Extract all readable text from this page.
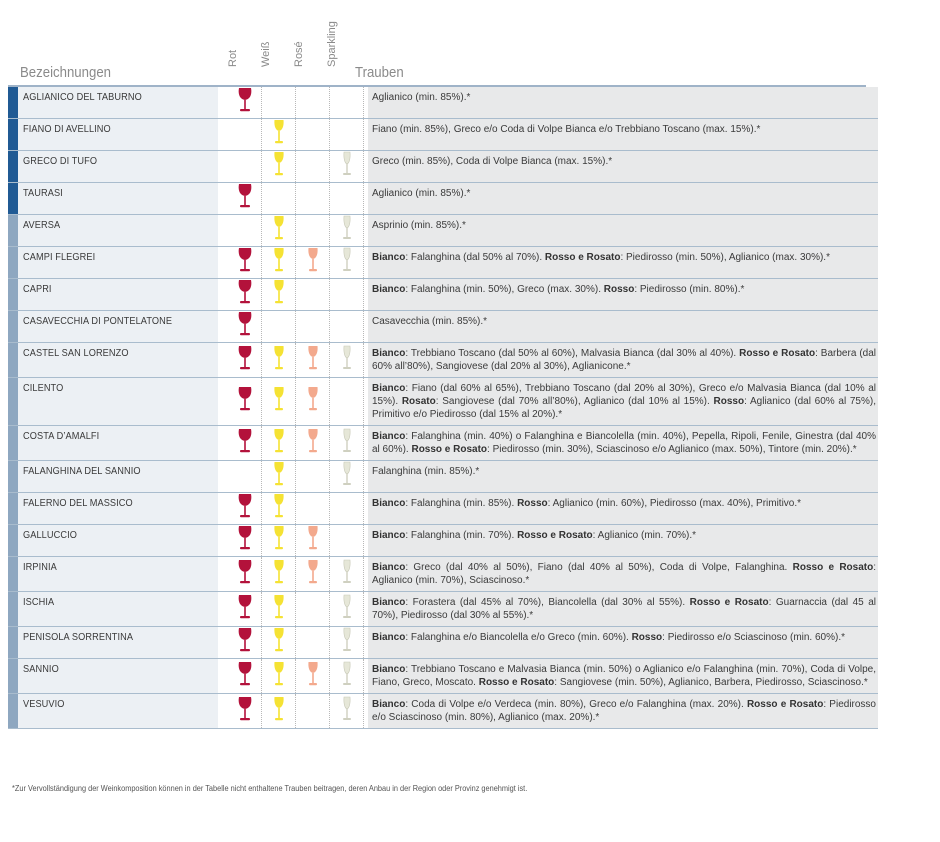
Bezeichnungen
Rot Weiß Rosé Sparkling
Trauben
	AGLIANICO DEL TABURNO							Aglianico (min. 85%).*
	FIANO DI AVELLINO							Fiano (min. 85%), Greco e/o Coda di Volpe Bianca e/o Trebbiano Toscano (max. 15%).*
	GRECO DI TUFO							Greco (min. 85%), Coda di Volpe Bianca (max. 15%).*
	TAURASI							Aglianico (min. 85%).*
	AVERSA							Asprinio (min. 85%).*
	CAMPI FLEGREI							Bianco: Falanghina (dal 50% al 70%). Rosso e Rosato: Piedirosso (min. 50%), Aglianico (max. 30%).*
	CAPRI							Bianco: Falanghina (min. 50%), Greco (max. 30%). Rosso: Piedirosso (min. 80%).*
	CASAVECCHIA DI PONTELATONE							Casavecchia (min. 85%).*
	CASTEL SAN LORENZO							Bianco: Trebbiano Toscano (dal 50% al 60%), Malvasia Bianca (dal 30% al 40%). Rosso e Rosato: Barbera (dal 60% all’80%), Sangiovese (dal 20% al 30%), Aglianicone.*
	CILENTO							Bianco: Fiano (dal 60% al 65%), Trebbiano Toscano (dal 20% al 30%), Greco e/o Malvasia Bianca (dal 10% al 15%). Rosato: Sangiovese (dal 70% all’80%), Aglianico (dal 10% al 15%). Rosso: Aglianico (dal 60% al 75%), Primitivo e/o Piedirosso (dal 15% al 20%).*
	COSTA D’AMALFI							Bianco: Falanghina (min. 40%) o Falanghina e Biancolella (min. 40%), Pepella, Ripoli, Fenile, Ginestra (dal 40% al 60%). Rosso e Rosato: Piedirosso (min. 30%), Sciascinoso e/o Aglianico (max. 50%), Tintore (min. 20%).*
	FALANGHINA DEL SANNIO							Falanghina (min. 85%).*
	FALERNO DEL MASSICO							Bianco: Falanghina (min. 85%). Rosso: Aglianico (min. 60%), Piedirosso (max. 40%), Primitivo.*
	GALLUCCIO							Bianco: Falanghina (min. 70%). Rosso e Rosato: Aglianico (min. 70%).*
	IRPINIA							Bianco: Greco (dal 40% al 50%), Fiano (dal 40% al 50%), Coda di Volpe, Falanghina. Rosso e Rosato: Aglianico (min. 70%), Sciascinoso.*
	ISCHIA							Bianco: Forastera (dal 45% al 70%), Biancolella (dal 30% al 55%). Rosso e Rosato: Guarnaccia (dal 45 al 70%), Piedirosso (dal 30% al 55%).*
	PENISOLA SORRENTINA							Bianco: Falanghina e/o Biancolella e/o Greco (min. 60%). Rosso: Piedirosso e/o Sciascinoso (min. 60%).*
	SANNIO							Bianco: Trebbiano Toscano e Malvasia Bianca (min. 50%) o Aglianico e/o Falanghina (min. 70%), Coda di Volpe, Fiano, Greco, Moscato. Rosso e Rosato: Sangiovese (min. 50%), Aglianico, Barbera, Piedirosso, Sciascinoso.*
	VESUVIO							Bianco: Coda di Volpe e/o Verdeca (min. 80%), Greco e/o Falanghina (max. 20%). Rosso e Rosato: Piedirosso e/o Sciascinoso (min. 80%), Aglianico (max. 20%).*
*Zur Vervollständigung der Weinkomposition können in der Tabelle nicht enthaltene Trauben beitragen, deren Anbau in der Region oder Provinz genehmigt ist.
